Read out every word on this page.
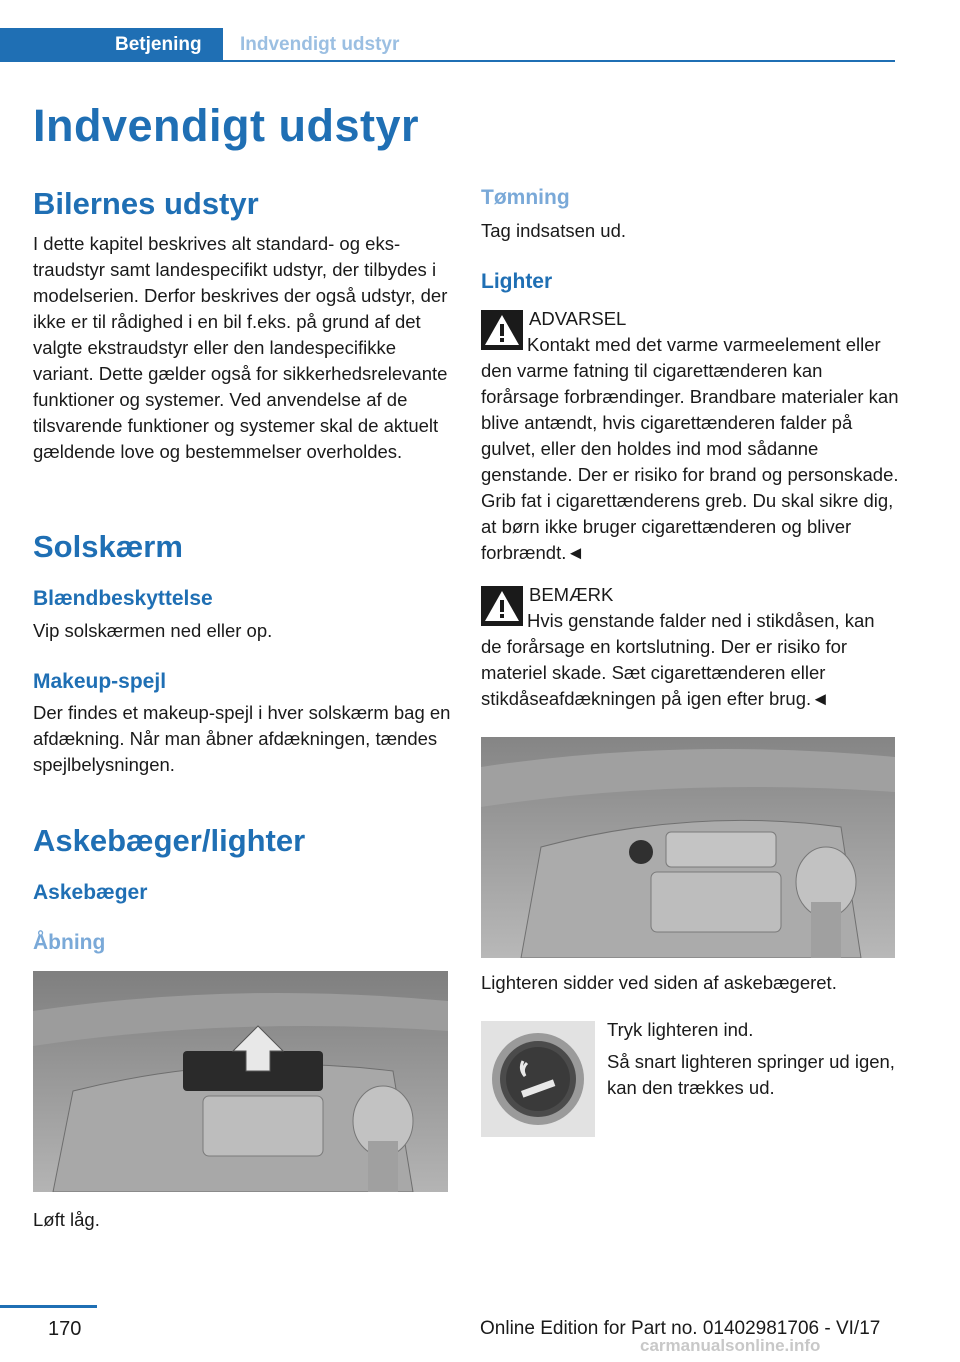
Betjening	Indvendigt udstyr
Indvendigt udstyr
Bilernes udstyr

I dette kapitel beskrives alt standard- og ekstraudstyr samt landespecifikt udstyr, der tilbydes i modelserien. Derfor beskrives der også udstyr, der ikke er til rådighed i en bil f.eks. på grund af det valgte ekstraudstyr eller den landespecifikke variant. Dette gælder også for sikkerhedsrelevante funktioner og systemer. Ved anvendelse af de tilsvarende funktioner og systemer skal de aktuelt gældende love og bestemmelser overholdes.

Solskærm
Blændbeskyttelse

Vip solskærmen ned eller op.

Makeup-spejl

Der findes et makeup-spejl i hver solskærm bag en afdækning. Når man åbner afdækningen, tændes spejlbelysningen.

Askebæger/lighter
Askebæger
Åbning

Løft låg.

Tømning

Tag indsatsen ud.

Lighter
ADVARSEL
Kontakt med det varme varmeelement eller den varme fatning til cigarettænderen kan forårsage forbrændinger. Brandbare materialer kan blive antændt, hvis cigarettænderen falder på gulvet, eller den holdes ind mod sådanne genstande. Der er risiko for brand og personskade. Grib fat i cigarettænderens greb. Du skal sikre dig, at børn ikke bruger cigarettænderen og bliver forbrændt.◄
BEMÆRK
Hvis genstande falder ned i stikdåsen, kan de forårsage en kortslutning. Der er risiko for materiel skade. Sæt cigarettænderen eller stikdåseafdækningen på igen efter brug.◄

Lighteren sidder ved siden af askebægeret.

Tryk lighteren ind.

Så snart lighteren springer ud igen, kan den trækkes ud.

170	Online Edition for Part no. 01402981706 - VI/17
carmanualsonline.info
